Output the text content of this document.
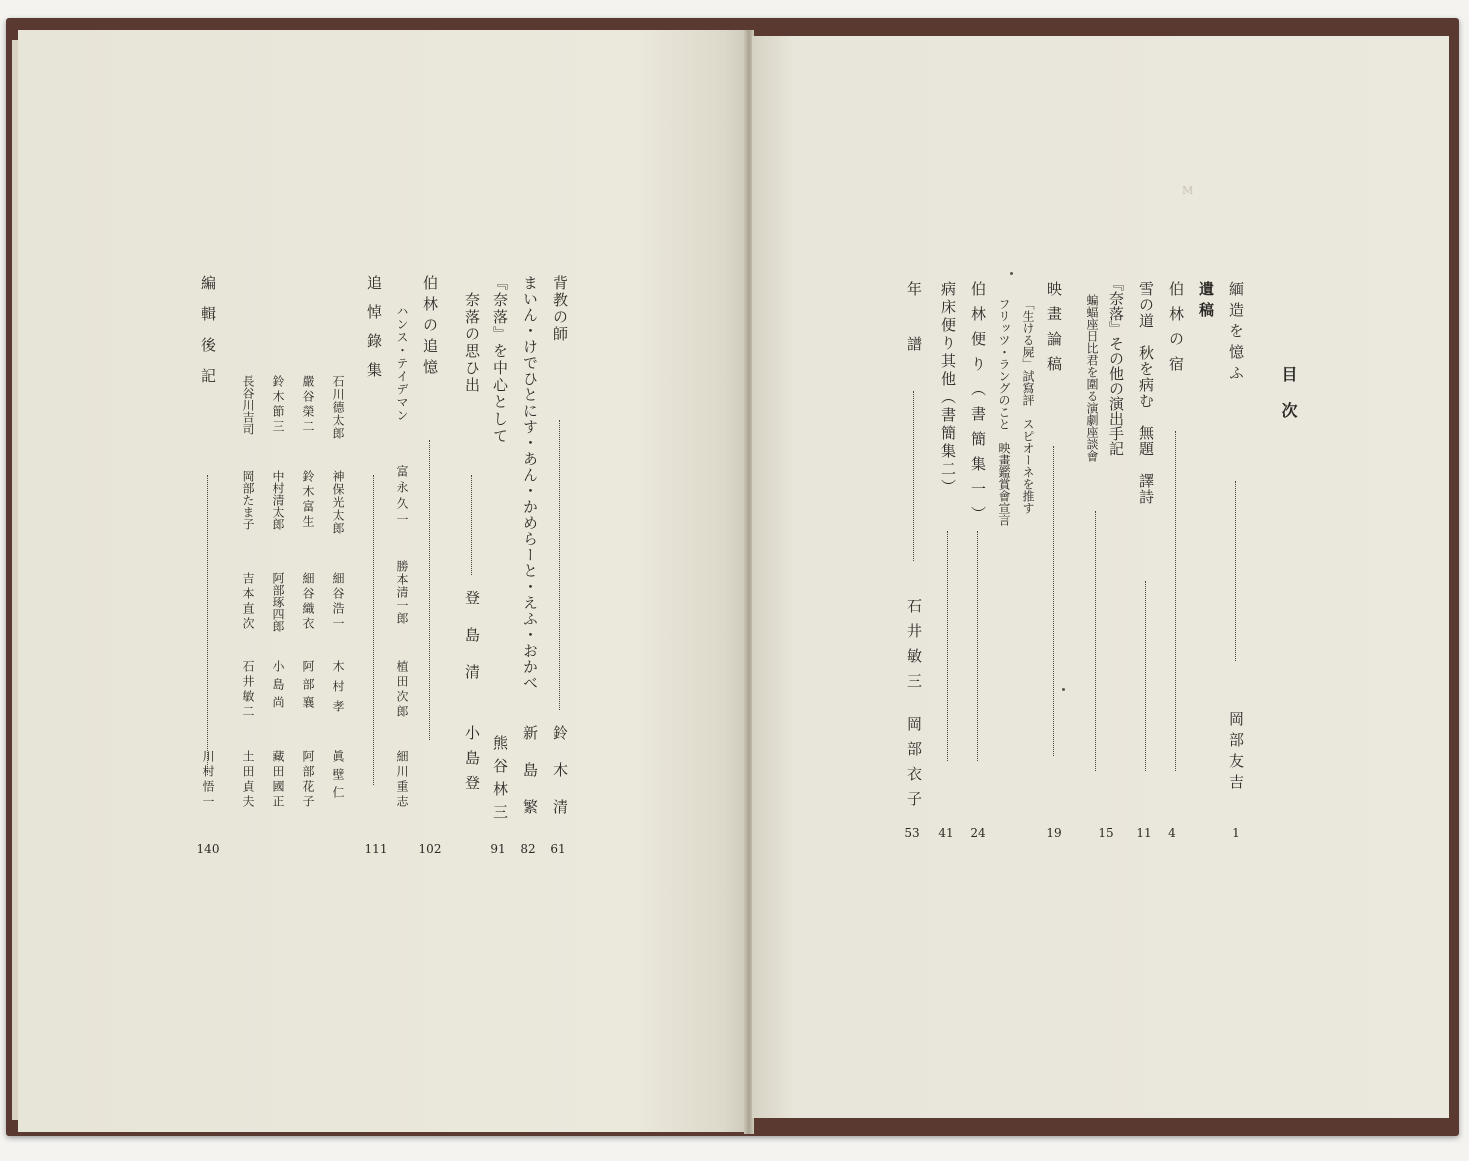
背教の師
鈴木清
61
まいん・けでひとにす・あん・かめらーと・えふ・おかべ
新島繁
82
『奈落』を中心として
熊谷林三
91
奈落の思ひ出
登島清
小島登
伯林の追憶
102
ハンス・テイデマン
富永久一
勝本清一郎
植田次郎
細川重志
追悼錄集
111
石川德太郎
神保光太郎
細谷浩一
木村孝
眞壁仁
嚴谷榮二
鈴木富生
細谷織衣
阿部襄
阿部花子
鈴木節三
中村清太郎
阿部琢四郎
小島尚
藏田國正
長谷川吉司
岡部たま子
吉本直次
石井敏二
土田貞夫
編輯後記
川村悟一
140
M
目次
緬造を憶ふ
岡部友吉
1
遺稿
伯林の宿
4
雪の道　秋を病む　無題　譯詩
11
『奈落』その他の演出手記
蝙蝠座日比君を圍る演劇座談會
15
映畫論稿
19
「生ける屍」試寫評　スピオーネを推す
フリッツ・ラングのこと　映畫鑑賞會宣言
伯林便り（書簡集一）
24
病床便り其他（書簡集二）
41
年譜
石井敏三
岡部衣子
53
